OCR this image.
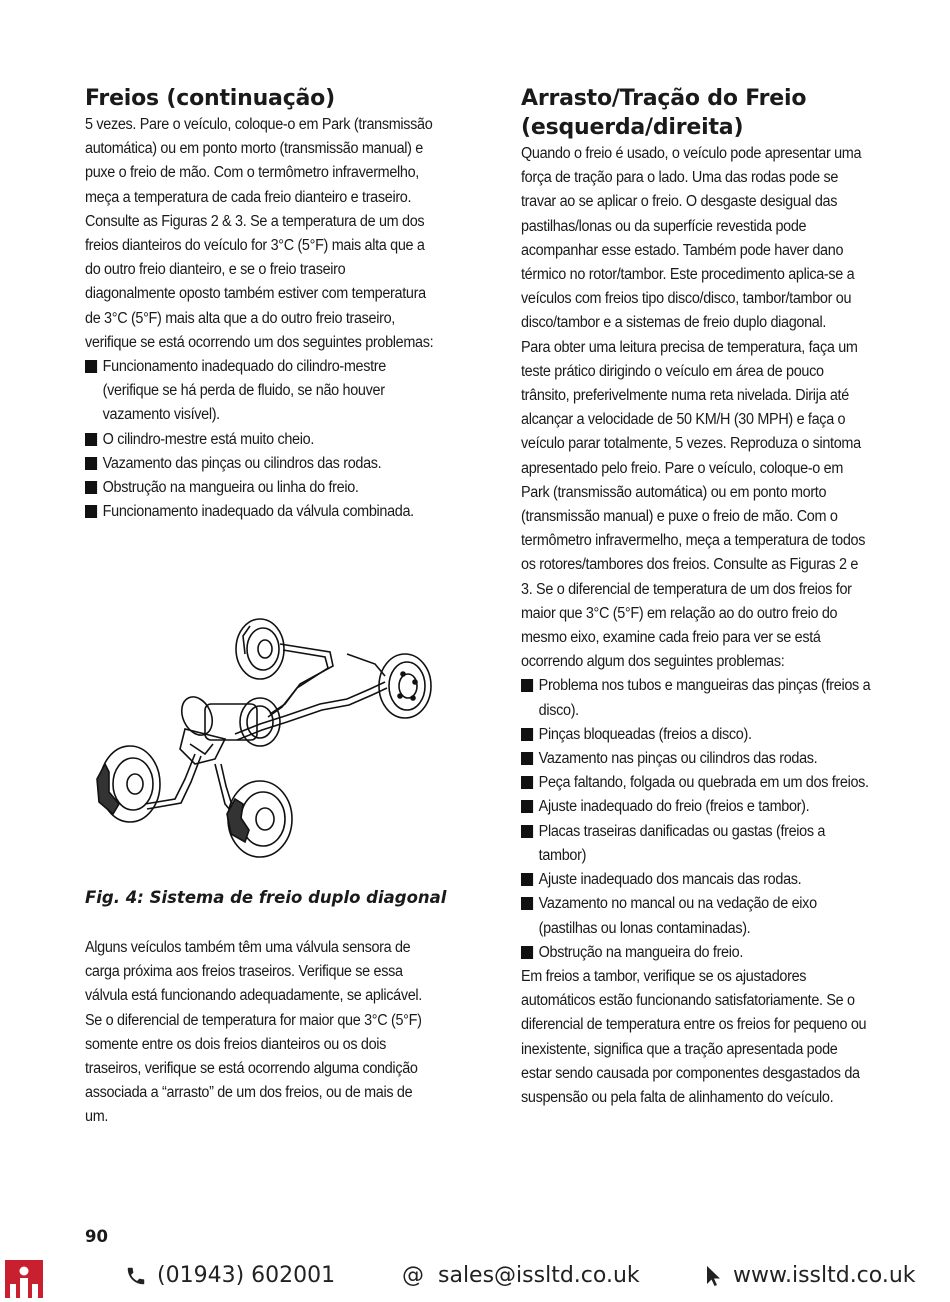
Freios (continuação)

5 vezes. Pare o veículo, coloque-o em Park (transmissão automática) ou em ponto morto (transmissão manual) e puxe o freio de mão. Com o termômetro infravermelho, meça a temperatura de cada freio dianteiro e traseiro. Consulte as Figuras 2 & 3. Se a temperatura de um dos freios dianteiros do veículo for 3°C (5°F) mais alta que a do outro freio dianteiro, e se o freio traseiro diagonalmente oposto também estiver com temperatura de 3°C (5°F) mais alta que a do outro freio traseiro, verifique se está ocorrendo um dos seguintes problemas:

Funcionamento inadequado do cilindro-mestre (verifique se há perda de fluido, se não houver vazamento visível).
O cilindro-mestre está muito cheio.
Vazamento das pinças ou cilindros das rodas.
Obstrução na mangueira ou linha do freio.
Funcionamento inadequado da válvula combinada.
Fig. 4: Sistema de freio duplo diagonal

Alguns veículos também têm uma válvula sensora de carga próxima aos freios traseiros. Verifique se essa válvula está funcionando adequadamente, se aplicável. Se o diferencial de temperatura for maior que 3°C (5°F) somente entre os dois freios dianteiros ou os dois traseiros, verifique se está ocorrendo alguma condição associada a “arrasto” de um dos freios, ou de mais de um.

Arrasto/Tração do Freio (esquerda/direita)

Quando o freio é usado, o veículo pode apresentar uma força de tração para o lado. Uma das rodas pode se travar ao se aplicar o freio. O desgaste desigual das pastilhas/lonas ou da superfície revestida pode acompanhar esse estado. Também pode haver dano térmico no rotor/tambor. Este procedimento aplica-se a veículos com freios tipo disco/disco, tambor/tambor ou disco/tambor e a sistemas de freio duplo diagonal.

Para obter uma leitura precisa de temperatura, faça um teste prático dirigindo o veículo em área de pouco trânsito, preferivelmente numa reta nivelada. Dirija até alcançar a velocidade de 50 KM/H (30 MPH) e faça o veículo parar totalmente, 5 vezes. Reproduza o sintoma apresentado pelo freio. Pare o veículo, coloque-o em Park (transmissão automática) ou em ponto morto (transmissão manual) e puxe o freio de mão. Com o termômetro infravermelho, meça a temperatura de todos os rotores/tambores dos freios. Consulte as Figuras 2 e 3. Se o diferencial de temperatura de um dos freios for maior que 3°C (5°F) em relação ao do outro freio do mesmo eixo, examine cada freio para ver se está ocorrendo algum dos seguintes problemas:

Problema nos tubos e mangueiras das pinças (freios a disco).
Pinças bloqueadas (freios a disco).
Vazamento nas pinças ou cilindros das rodas.
Peça faltando, folgada ou quebrada em um dos freios.
Ajuste inadequado do freio (freios e tambor).
Placas traseiras danificadas ou gastas (freios a tambor)
Ajuste inadequado dos mancais das rodas.
Vazamento no mancal ou na vedação de eixo (pastilhas ou lonas contaminadas).
Obstrução na mangueira do freio.

Em freios a tambor, verifique se os ajustadores automáticos estão funcionando satisfatoriamente. Se o diferencial de temperatura entre os freios for pequeno ou inexistente, significa que a tração apresentada pode estar sendo causada por componentes desgastados da suspensão ou pela falta de alinhamento do veículo.

90
(01943) 602001	@ sales@issltd.co.uk	www.issltd.co.uk
